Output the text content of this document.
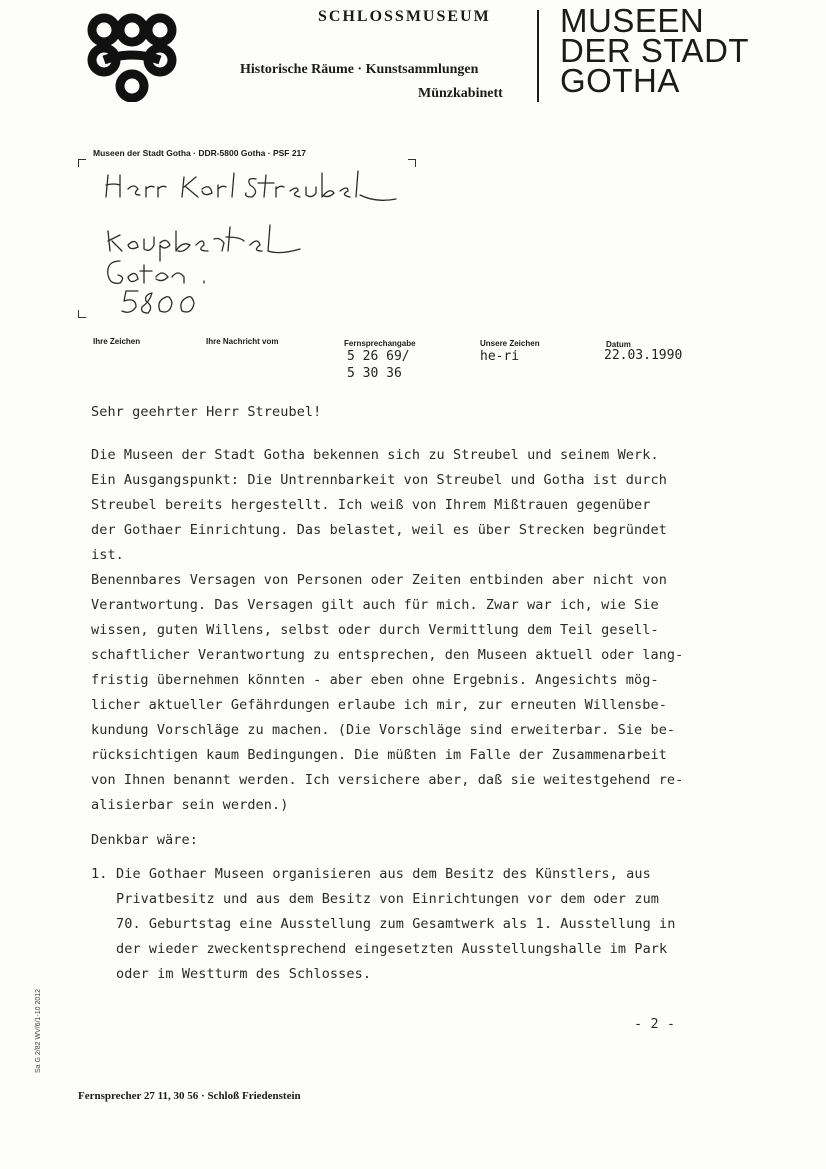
SCHLOSSMUSEUM
Historische Räume · Kunstsammlungen
Münzkabinett
MUSEEN
DER STADT
GOTHA
Museen der Stadt Gotha · DDR-5800 Gotha · PSF 217
Ihre Zeichen	Ihre Nachricht vom	Fernsprechangabe
5 26 69/
5 30 36
Unsere Zeichen
he-ri
Datum
22.03.1990
Sehr geehrter Herr Streubel!
Die Museen der Stadt Gotha bekennen sich zu Streubel und seinem Werk.
Ein Ausgangspunkt: Die Untrennbarkeit von Streubel und Gotha ist durch
Streubel bereits hergestellt. Ich weiß von Ihrem Mißtrauen gegenüber
der Gothaer Einrichtung. Das belastet, weil es über Strecken begründet
ist.
Benennbares Versagen von Personen oder Zeiten entbinden aber nicht von
Verantwortung. Das Versagen gilt auch für mich. Zwar war ich, wie Sie
wissen, guten Willens, selbst oder durch Vermittlung dem Teil gesell-
schaftlicher Verantwortung zu entsprechen, den Museen aktuell oder lang-
fristig übernehmen könnten - aber eben ohne Ergebnis. Angesichts mög-
licher aktueller Gefährdungen erlaube ich mir, zur erneuten Willensbe-
kundung Vorschläge zu machen. (Die Vorschläge sind erweiterbar. Sie be-
rücksichtigen kaum Bedingungen. Die müßten im Falle der Zusammenarbeit
von Ihnen benannt werden. Ich versichere aber, daß sie weitestgehend re-
alisierbar sein werden.)
Denkbar wäre:
1. Die Gothaer Museen organisieren aus dem Besitz des Künstlers, aus
Privatbesitz und aus dem Besitz von Einrichtungen vor dem oder zum
70. Geburtstag eine Ausstellung zum Gesamtwerk als 1. Ausstellung in
der wieder zweckentsprechend eingesetzten Ausstellungshalle im Park
oder im Westturm des Schlosses.
- 2 -
Sa G 2/82 WV/6/1-10 2012
Fernsprecher 27 11, 30 56 · Schloß Friedenstein
